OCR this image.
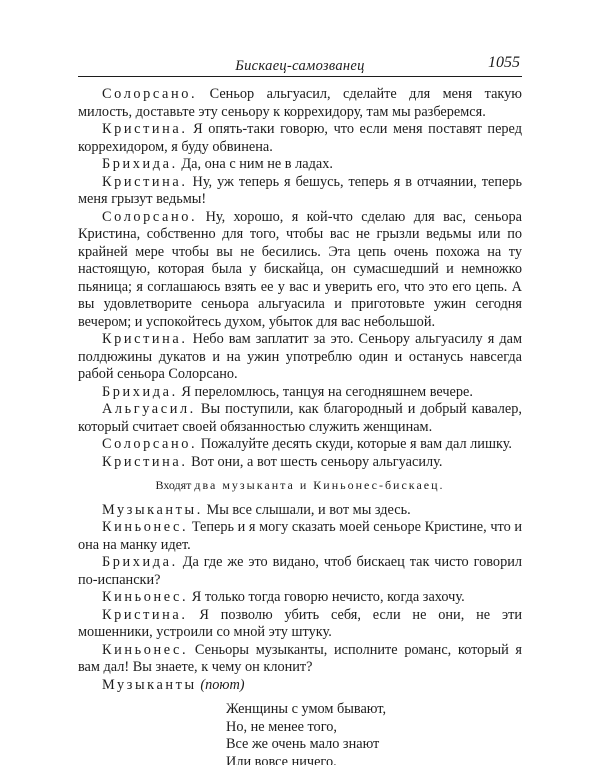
Бискаец-самозванец	1055

Солорсано. Сеньор альгуасил, сделайте для меня такую милость, доставьте эту сеньору к коррехидору, там мы разберемся.

Кристина. Я опять-таки говорю, что если меня поставят перед коррехидором, я буду обвинена.

Брихида. Да, она с ним не в ладах.

Кристина. Ну, уж теперь я бешусь, теперь я в отчаянии, теперь меня грызут ведьмы!

Солорсано. Ну, хорошо, я кой-что сделаю для вас, сеньора Кристина, собственно для того, чтобы вас не грызли ведьмы или по крайней мере чтобы вы не бесились. Эта цепь очень похожа на ту настоящую, которая была у бискайца, он сумасшедший и немножко пьяница; я соглашаюсь взять ее у вас и уверить его, что это его цепь. А вы удовлетворите сеньора альгуасила и приготовьте ужин сегодня вечером; и успокойтесь духом, убыток для вас небольшой.

Кристина. Небо вам заплатит за это. Сеньору альгуасилу я дам полдюжины дукатов и на ужин употреблю один и останусь навсегда рабой сеньора Солорсано.

Брихида. Я переломлюсь, танцуя на сегодняшнем вечере.

Альгуасил. Вы поступили, как благородный и добрый кавалер, который считает своей обязанностью служить женщинам.

Солорсано. Пожалуйте десять скуди, которые я вам дал лишку.

Кристина. Вот они, а вот шесть сеньору альгуасилу.

Входят два музыканта и Киньонес-бискаец.

Музыканты. Мы все слышали, и вот мы здесь.

Киньонес. Теперь и я могу сказать моей сеньоре Кристине, что и она на манку идет.

Брихида. Да где же это видано, чтоб бискаец так чисто говорил по-испански?

Киньонес. Я только тогда говорю нечисто, когда захочу.

Кристина. Я позволю убить себя, если не они, не эти мошенники, устроили со мной эту штуку.

Киньонес. Сеньоры музыканты, исполните романс, который я вам дал! Вы знаете, к чему он клонит?

Музыканты (поют)

Женщины с умом бывают,

Но, не менее того,

Все же очень мало знают

Или вовсе ничего.
